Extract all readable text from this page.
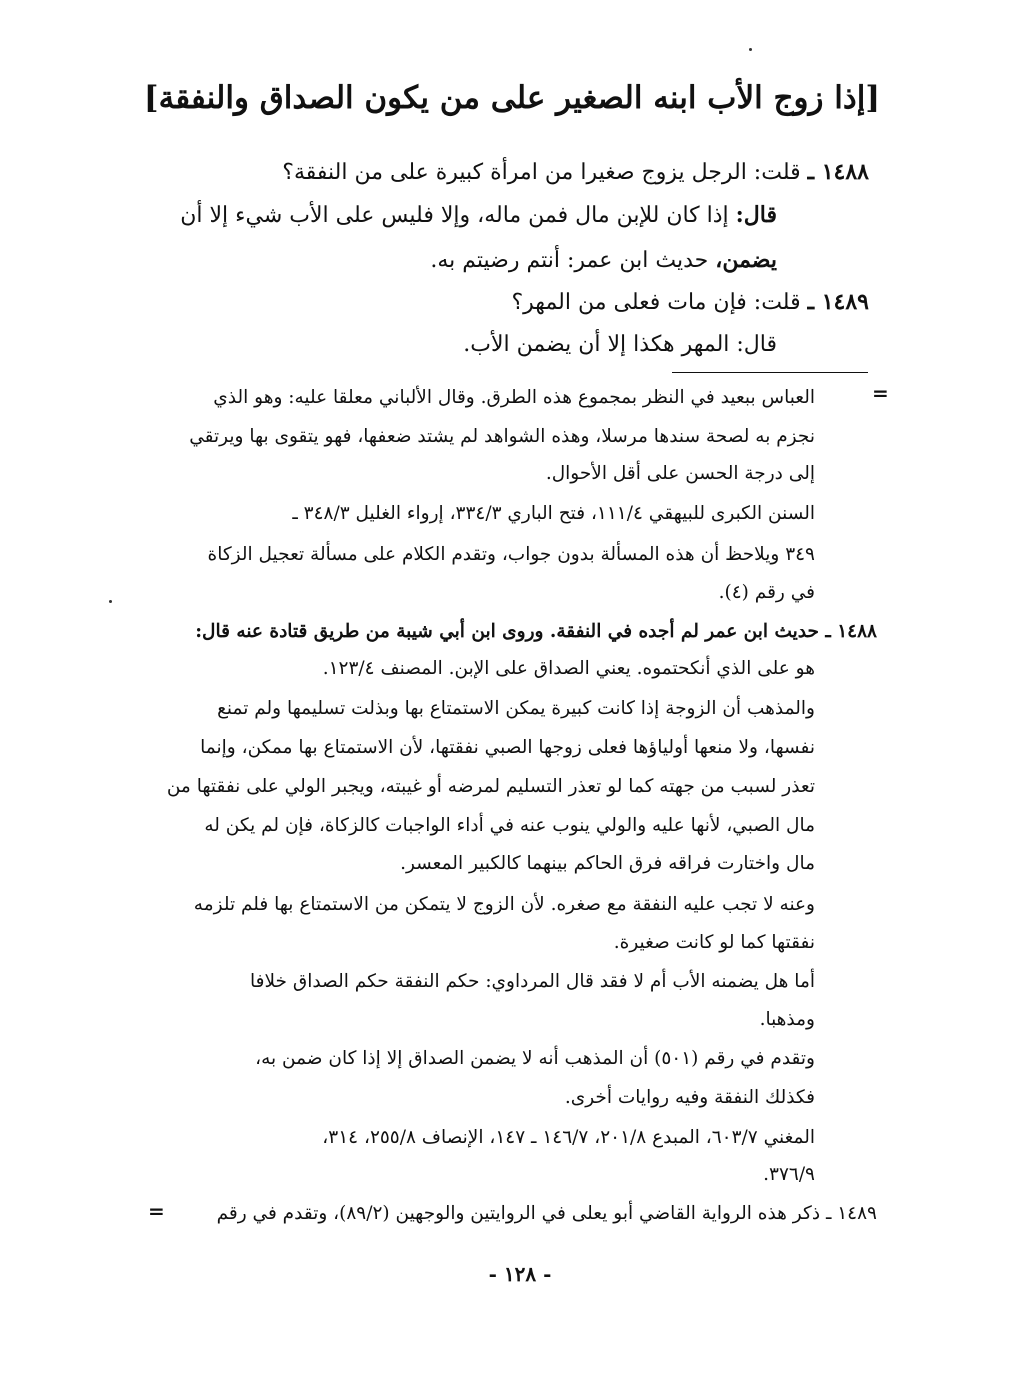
[إذا زوج الأب ابنه الصغير على من يكون الصداق والنفقة]
١٤٨٨ ـ قلت: الرجل يزوج صغيرا من امرأة كبيرة على من النفقة؟
قال: إذا كان للإبن مال فمن ماله، وإلا فليس على الأب شيء إلا أن
يضمن، حديث ابن عمر: أنتم رضيتم به.
١٤٨٩ ـ قلت: فإن مات فعلى من المهر؟
قال: المهر هكذا إلا أن يضمن الأب.
=
العباس ببعيد في النظر بمجموع هذه الطرق. وقال الألباني معلقا عليه: وهو الذي
نجزم به لصحة سندها مرسلا، وهذه الشواهد لم يشتد ضعفها، فهو يتقوى بها ويرتقي
إلى درجة الحسن على أقل الأحوال.
السنن الكبرى للبيهقي ١١١/٤، فتح الباري ٣٣٤/٣، إرواء الغليل ٣٤٨/٣ ـ
٣٤٩ ويلاحظ أن هذه المسألة بدون جواب، وتقدم الكلام على مسألة تعجيل الزكاة
في رقم (٤).
١٤٨٨ ـ حديث ابن عمر لم أجده في النفقة. وروى ابن أبي شيبة من طريق قتادة عنه قال:
هو على الذي أنكحتموه. يعني الصداق على الإبن. المصنف ١٢٣/٤.
والمذهب أن الزوجة إذا كانت كبيرة يمكن الاستمتاع بها وبذلت تسليمها ولم تمنع
نفسها، ولا منعها أولياؤها فعلى زوجها الصبي نفقتها، لأن الاستمتاع بها ممكن، وإنما
تعذر لسبب من جهته كما لو تعذر التسليم لمرضه أو غيبته، ويجبر الولي على نفقتها من
مال الصبي، لأنها عليه والولي ينوب عنه في أداء الواجبات كالزكاة، فإن لم يكن له
مال واختارت فراقه فرق الحاكم بينهما كالكبير المعسر.
وعنه لا تجب عليه النفقة مع صغره. لأن الزوج لا يتمكن من الاستمتاع بها فلم تلزمه
نفقتها كما لو كانت صغيرة.
أما هل يضمنه الأب أم لا فقد قال المرداوي: حكم النفقة حكم الصداق خلافا
ومذهبا.
وتقدم في رقم (٥٠١) أن المذهب أنه لا يضمن الصداق إلا إذا كان ضمن به،
فكذلك النفقة وفيه روايات أخرى.
المغني ٦٠٣/٧، المبدع ٢٠١/٨، ١٤٦/٧ ـ ١٤٧، الإنصاف ٢٥٥/٨، ٣١٤،
٣٧٦/٩.
١٤٨٩ ـ ذكر هذه الرواية القاضي أبو يعلى في الروايتين والوجهين (٨٩/٢)، وتقدم في رقم
=
- ١٢٨ -
